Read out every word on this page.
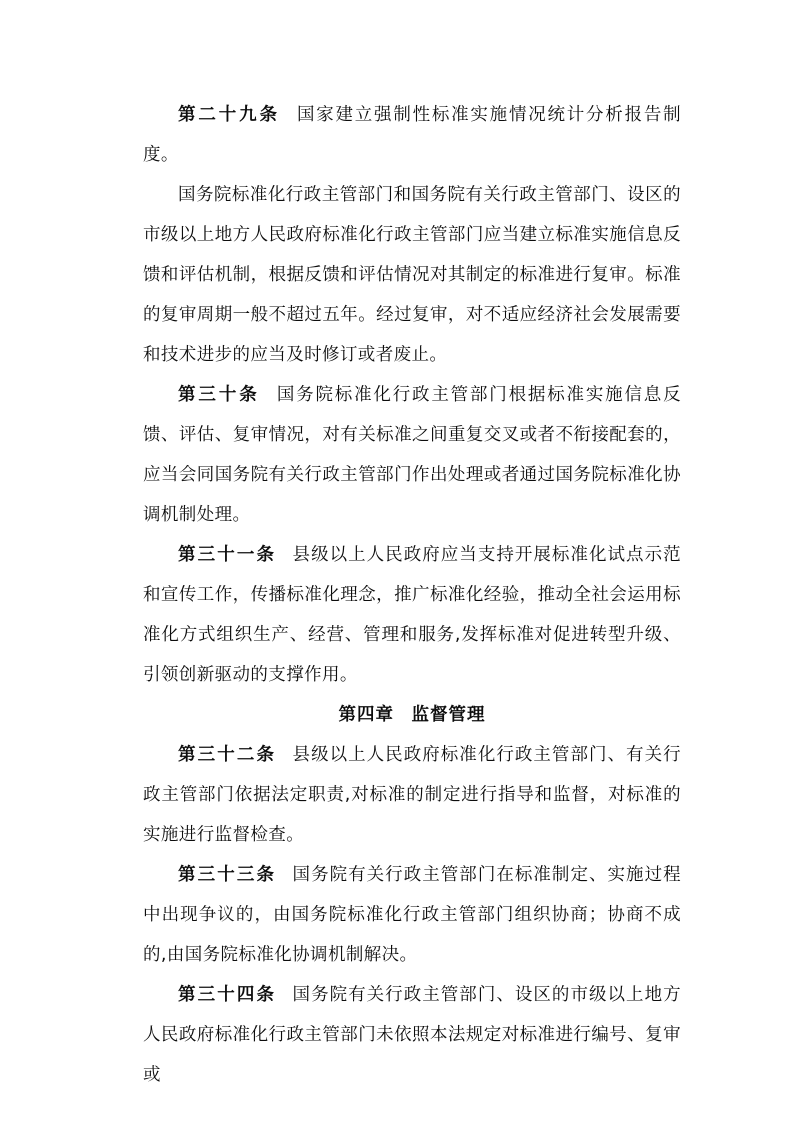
第二十九条 国家建立强制性标准实施情况统计分析报告制度。

国务院标准化行政主管部门和国务院有关行政主管部门、设区的市级以上地方人民政府标准化行政主管部门应当建立标准实施信息反馈和评估机制，根据反馈和评估情况对其制定的标准进行复审。标准的复审周期一般不超过五年。经过复审，对不适应经济社会发展需要和技术进步的应当及时修订或者废止。

第三十条 国务院标准化行政主管部门根据标准实施信息反馈、评估、复审情况，对有关标准之间重复交叉或者不衔接配套的，应当会同国务院有关行政主管部门作出处理或者通过国务院标准化协调机制处理。

第三十一条 县级以上人民政府应当支持开展标准化试点示范和宣传工作，传播标准化理念，推广标准化经验，推动全社会运用标准化方式组织生产、经营、管理和服务,发挥标准对促进转型升级、引领创新驱动的支撑作用。

第四章 监督管理

第三十二条 县级以上人民政府标准化行政主管部门、有关行政主管部门依据法定职责,对标准的制定进行指导和监督，对标准的实施进行监督检查。

第三十三条 国务院有关行政主管部门在标准制定、实施过程中出现争议的，由国务院标准化行政主管部门组织协商；协商不成的,由国务院标准化协调机制解决。

第三十四条 国务院有关行政主管部门、设区的市级以上地方人民政府标准化行政主管部门未依照本法规定对标准进行编号、复审或
